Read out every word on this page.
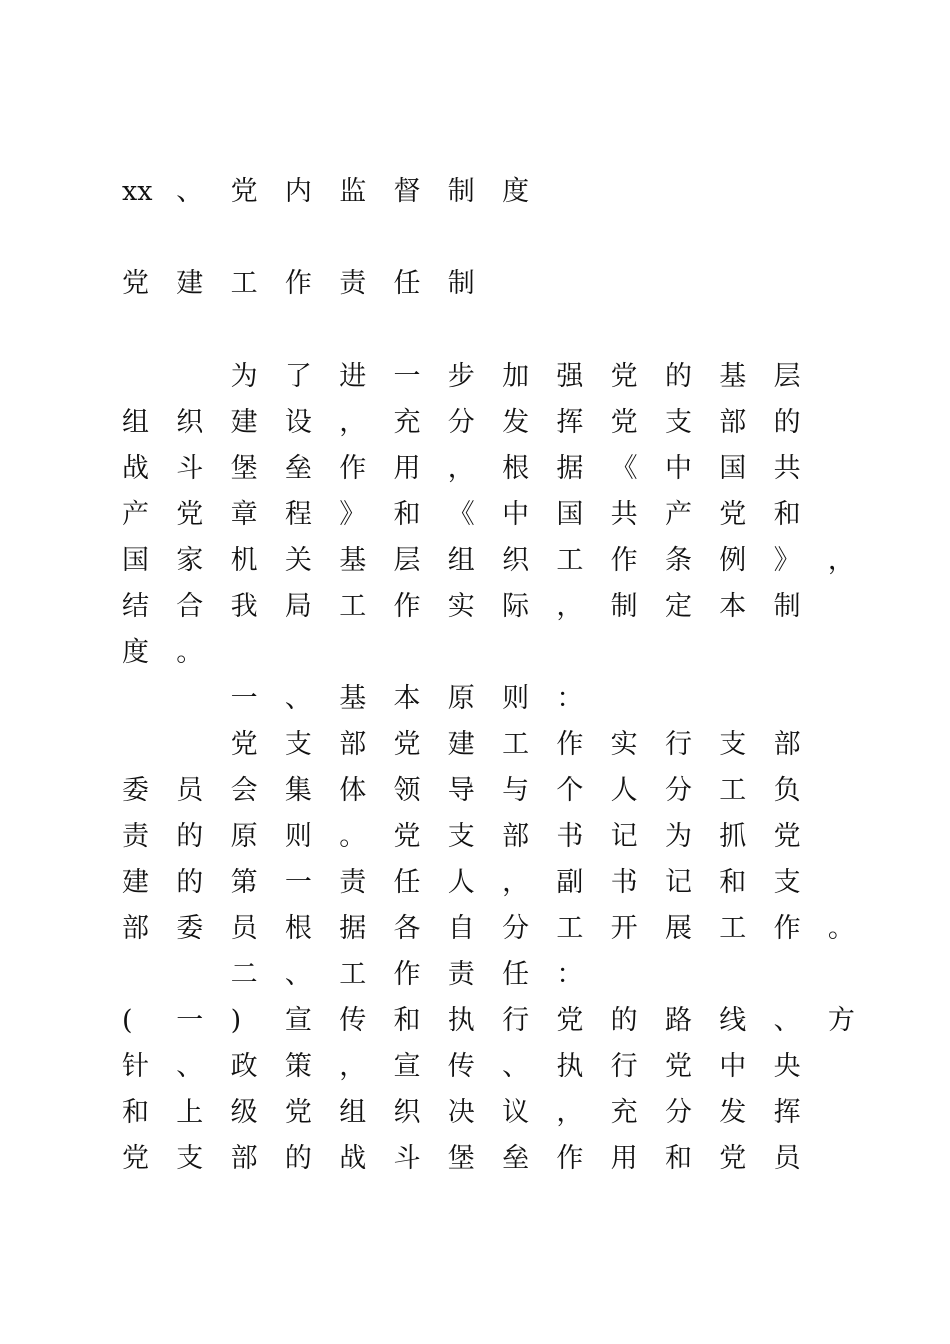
xx 、	党	内	监	督	制	度

党	建	工	作	责	任	制

为	了	进	一	步	加	强	党	的	基	层

组	织	建	设	，	充	分	发	挥	党	支	部	的

战	斗	堡	垒	作	用	，	根	据	《	中	国	共

产	党	章	程	》	和	《	中	国	共	产	党	和

国	家	机	关	基	层	组	织	工	作	条	例	》	，

结	合	我	局	工	作	实	际	，	制	定	本	制

度	。

一	、	基	本	原	则	：

党	支	部	党	建	工	作	实	行	支	部

委	员	会	集	体	领	导	与	个	人	分	工	负

责	的	原	则	。	党	支	部	书	记	为	抓	党

建	的	第	一	责	任	人	，	副	书	记	和	支

部	委	员	根	据	各	自	分	工	开	展	工	作	。

二	、	工	作	责	任	：

(	一	)	宣	传	和	执	行	党	的	路	线	、	方

针	、	政	策	，	宣	传	、	执	行	党	中	央

和	上	级	党	组	织	决	议	，	充	分	发	挥

党	支	部	的	战	斗	堡	垒	作	用	和	党	员
